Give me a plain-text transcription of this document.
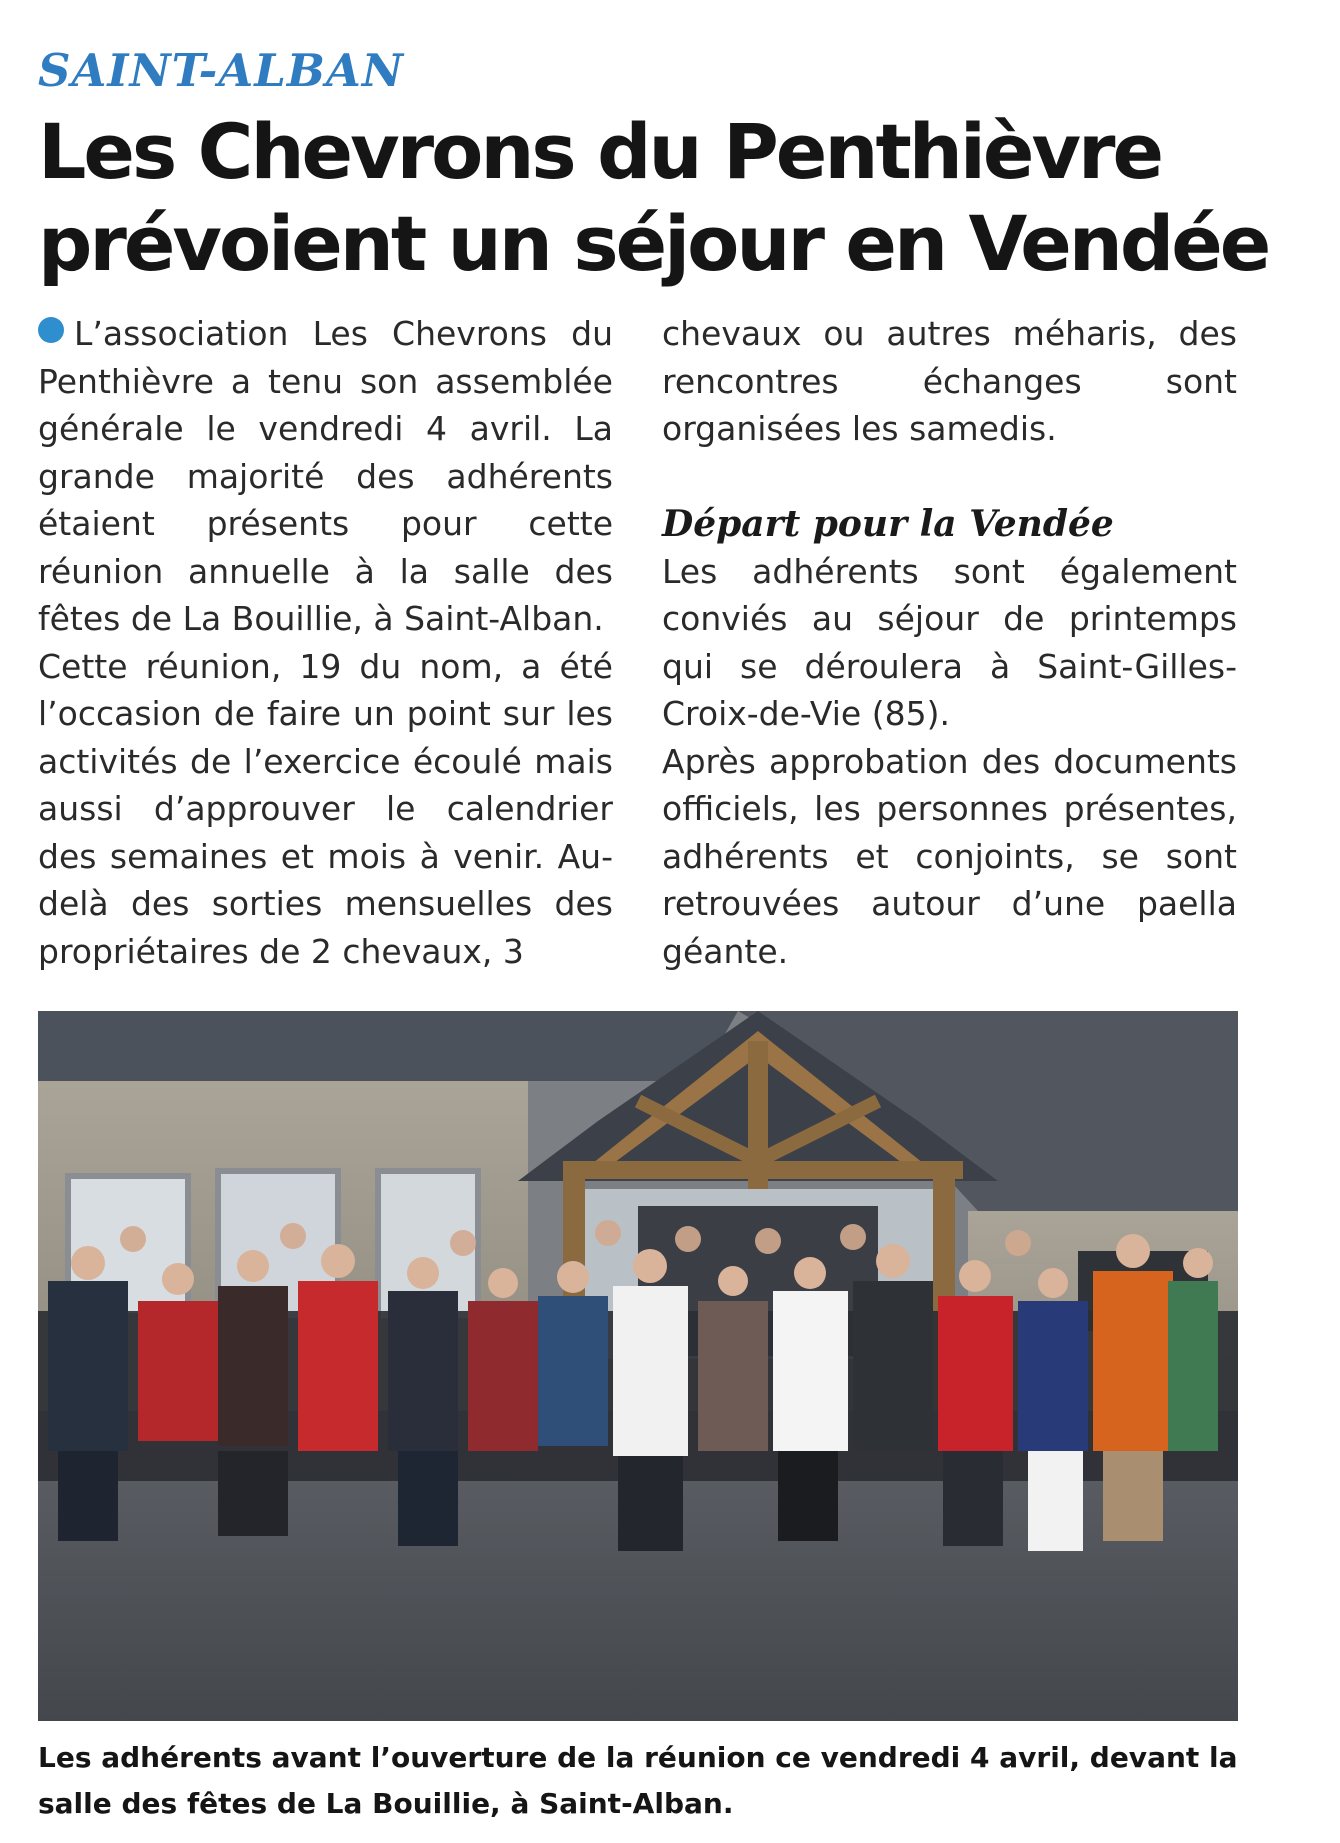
SAINT-ALBAN
Les Chevrons du Penthièvre
prévoient un séjour en Vendée

L’association Les Chevrons du Penthièvre a tenu son assemblée générale le vendredi 4 avril. La grande majorité des adhérents étaient présents pour cette réunion annuelle à la salle des fêtes de La Bouillie, à Saint-Alban.

Cette réunion, 19 du nom, a été l’occasion de faire un point sur les activités de l’exercice écoulé mais aussi d’approuver le calendrier des semaines et mois à venir. Au-delà des sorties mensuelles des propriétaires de 2 chevaux, 3

chevaux ou autres méharis, des rencontres échanges sont organisées les samedis.

Départ pour la Vendée

Les adhérents sont également conviés au séjour de printemps qui se déroulera à Saint-Gilles-Croix-de-Vie (85).

Après approbation des documents officiels, les personnes présentes, adhérents et conjoints, se sont retrouvées autour d’une paella géante.

Les adhérents avant l’ouverture de la réunion ce vendredi 4 avril, devant la salle des fêtes de La Bouillie, à Saint-Alban.
